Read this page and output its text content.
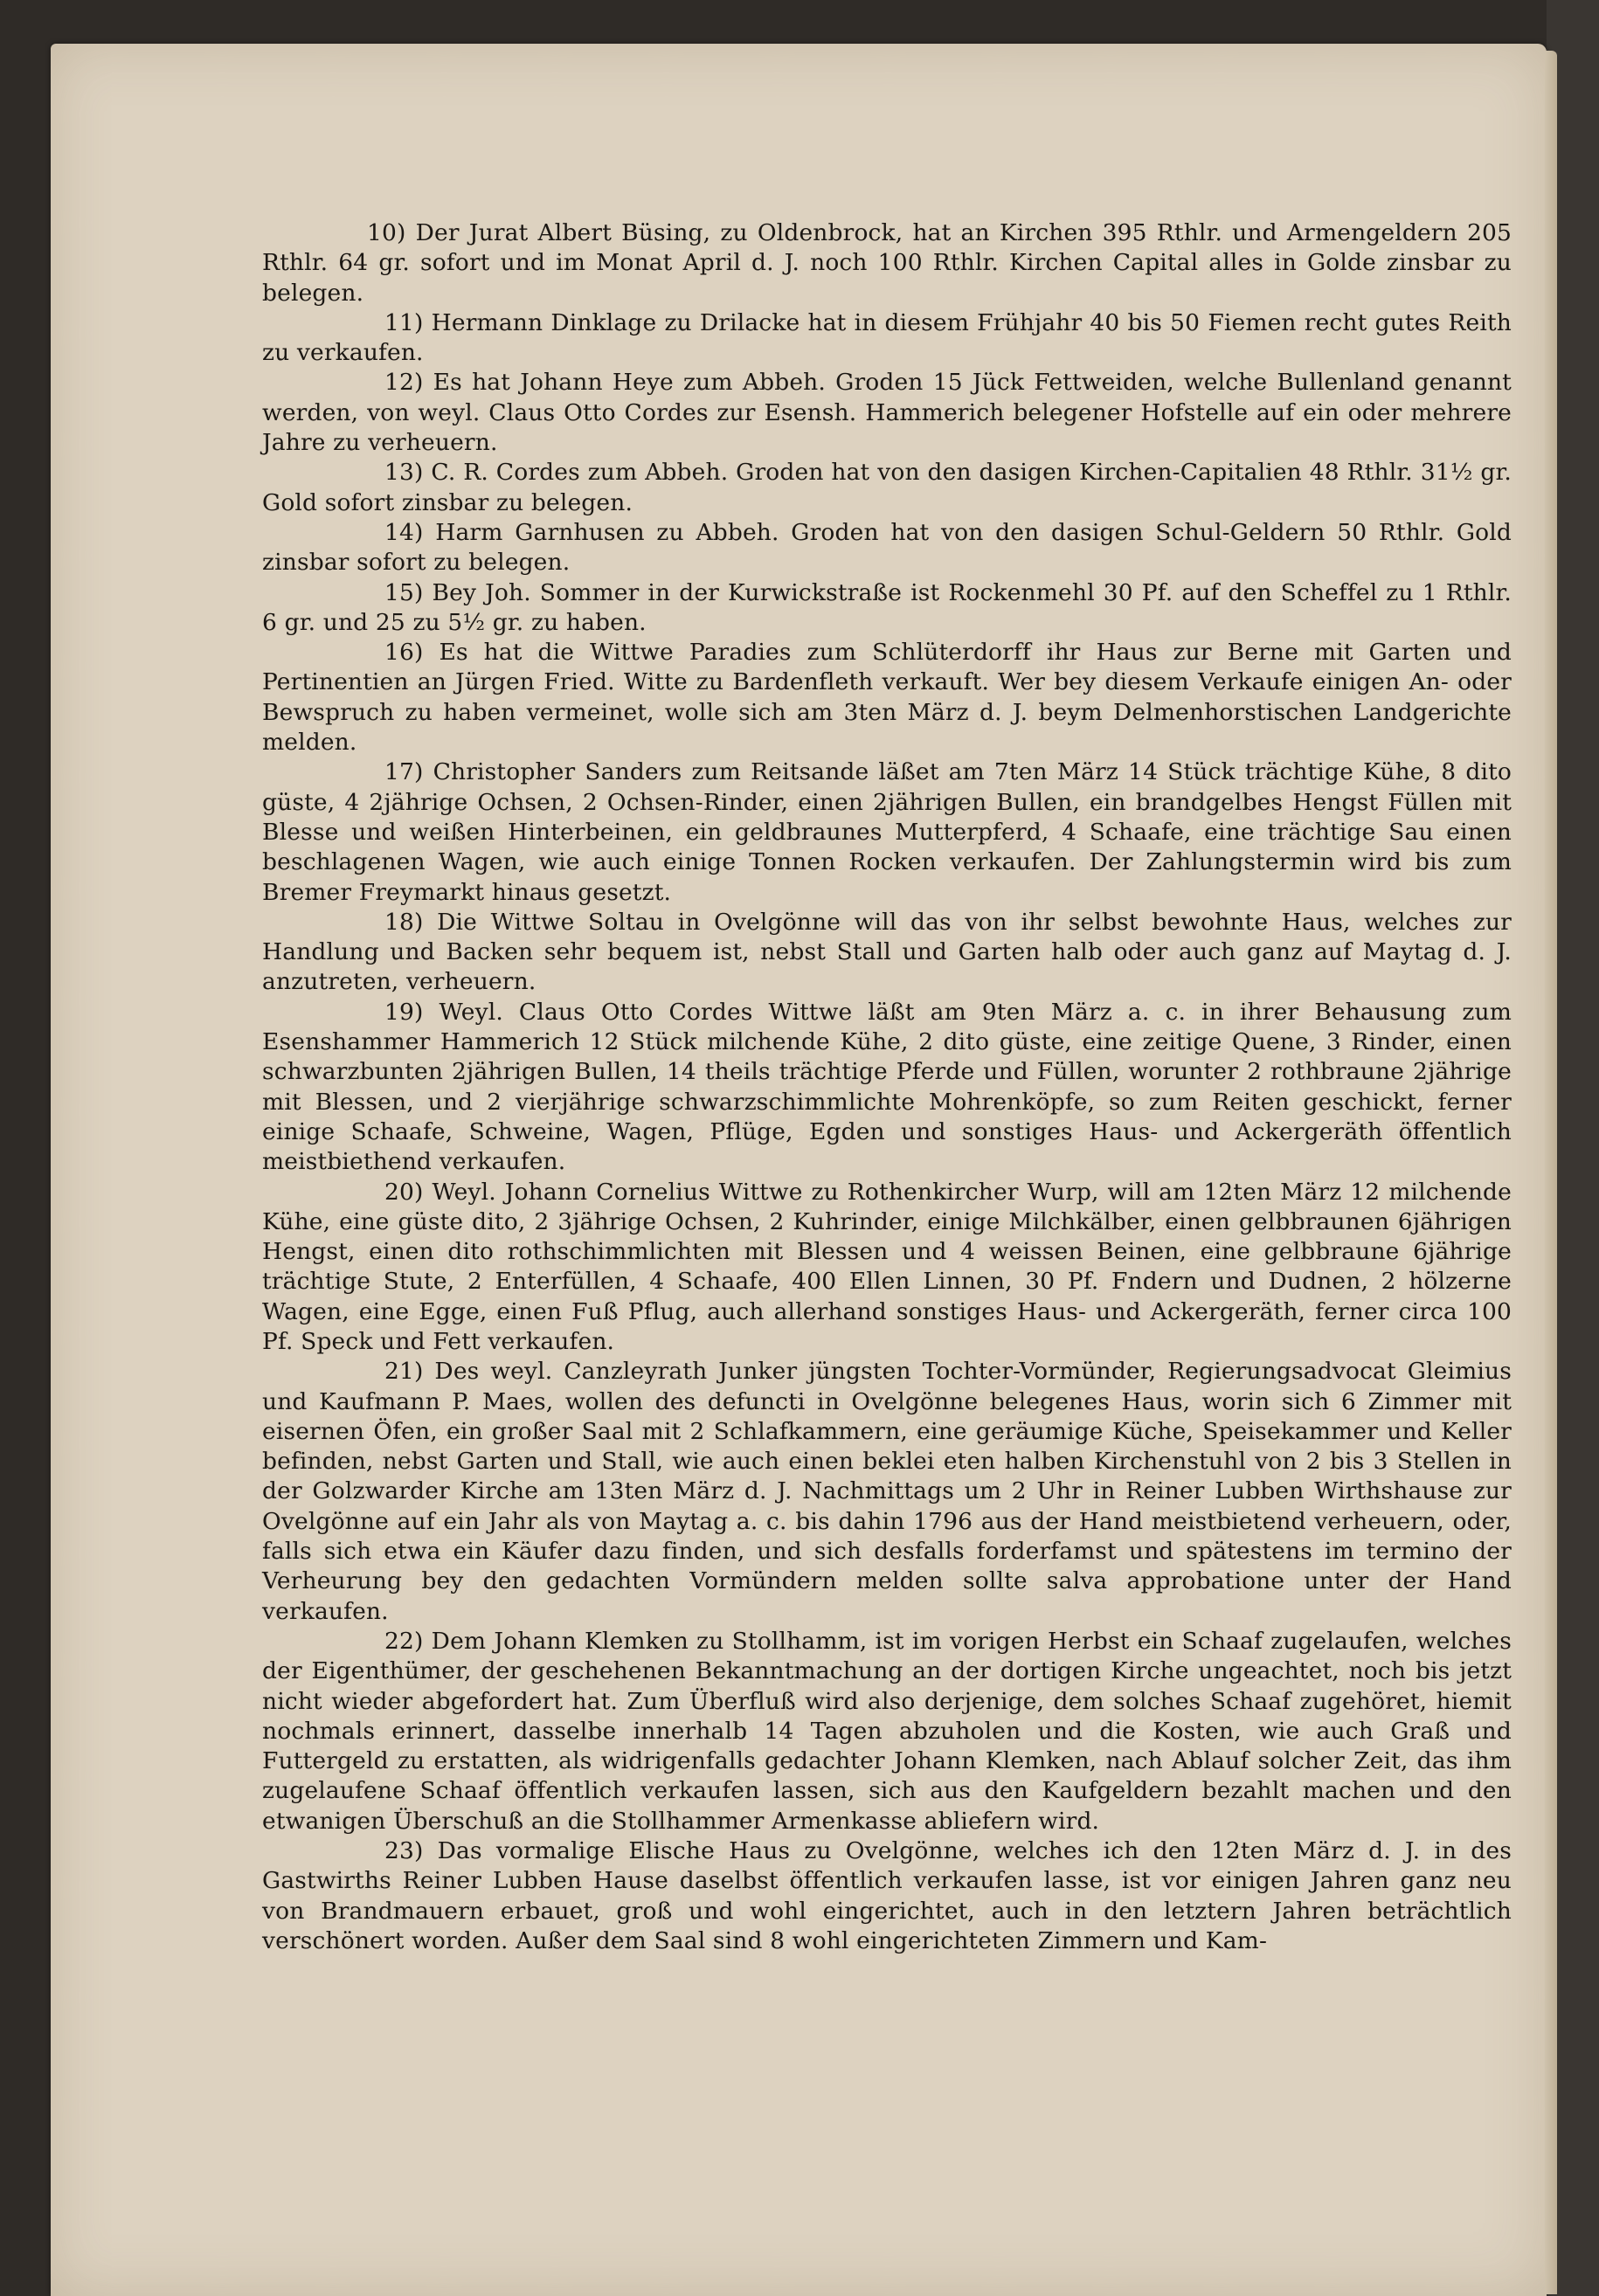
10) Der Jurat Albert Büsing, zu Oldenbrock, hat an Kirchen 395 Rthlr. und Armengeldern 205 Rthlr. 64 gr. sofort und im Monat April d. J. noch 100 Rthlr. Kirchen Capital alles in Golde zinsbar zu belegen.

11) Hermann Dinklage zu Drilacke hat in diesem Frühjahr 40 bis 50 Fiemen recht gutes Reith zu verkaufen.

12) Es hat Johann Heye zum Abbeh. Groden 15 Jück Fettweiden, welche Bullenland genannt werden, von weyl. Claus Otto Cordes zur Esensh. Hammerich belegener Hofstelle auf ein oder mehrere Jahre zu verheuern.

13) C. R. Cordes zum Abbeh. Groden hat von den dasigen Kirchen-Capitalien 48 Rthlr. 31½ gr. Gold sofort zinsbar zu belegen.

14) Harm Garnhusen zu Abbeh. Groden hat von den dasigen Schul-Geldern 50 Rthlr. Gold zinsbar sofort zu belegen.

15) Bey Joh. Sommer in der Kurwickstraße ist Rockenmehl 30 Pf. auf den Scheffel zu 1 Rthlr. 6 gr. und 25 zu 5½ gr. zu haben.

16) Es hat die Wittwe Paradies zum Schlüterdorff ihr Haus zur Berne mit Garten und Pertinentien an Jürgen Fried. Witte zu Bardenfleth verkauft. Wer bey diesem Verkaufe einigen An- oder Bewspruch zu haben vermeinet, wolle sich am 3ten März d. J. beym Delmenhorstischen Landgerichte melden.

17) Christopher Sanders zum Reitsande läßet am 7ten März 14 Stück trächtige Kühe, 8 dito güste, 4 2jährige Ochsen, 2 Ochsen-Rinder, einen 2jährigen Bullen, ein brandgelbes Hengst Füllen mit Blesse und weißen Hinterbeinen, ein geldbraunes Mutterpferd, 4 Schaafe, eine trächtige Sau einen beschlagenen Wagen, wie auch einige Tonnen Rocken verkaufen. Der Zahlungstermin wird bis zum Bremer Freymarkt hinaus gesetzt.

18) Die Wittwe Soltau in Ovelgönne will das von ihr selbst bewohnte Haus, welches zur Handlung und Backen sehr bequem ist, nebst Stall und Garten halb oder auch ganz auf Maytag d. J. anzutreten, verheuern.

19) Weyl. Claus Otto Cordes Wittwe läßt am 9ten März a. c. in ihrer Behausung zum Esenshammer Hammerich 12 Stück milchende Kühe, 2 dito güste, eine zeitige Quene, 3 Rinder, einen schwarzbunten 2jährigen Bullen, 14 theils trächtige Pferde und Füllen, worunter 2 rothbraune 2jährige mit Blessen, und 2 vierjährige schwarzschimmlichte Mohrenköpfe, so zum Reiten geschickt, ferner einige Schaafe, Schweine, Wagen, Pflüge, Egden und sonstiges Haus- und Ackergeräth öffentlich meistbiethend verkaufen.

20) Weyl. Johann Cornelius Wittwe zu Rothenkircher Wurp, will am 12ten März 12 milchende Kühe, eine güste dito, 2 3jährige Ochsen, 2 Kuhrinder, einige Milchkälber, einen gelbbraunen 6jährigen Hengst, einen dito rothschimmlichten mit Blessen und 4 weissen Beinen, eine gelbbraune 6jährige trächtige Stute, 2 Enterfüllen, 4 Schaafe, 400 Ellen Linnen, 30 Pf. Fndern und Dudnen, 2 hölzerne Wagen, eine Egge, einen Fuß Pflug, auch allerhand sonstiges Haus- und Ackergeräth, ferner circa 100 Pf. Speck und Fett verkaufen.

21) Des weyl. Canzleyrath Junker jüngsten Tochter-Vormünder, Regierungsadvocat Gleimius und Kaufmann P. Maes, wollen des defuncti in Ovelgönne belegenes Haus, worin sich 6 Zimmer mit eisernen Öfen, ein großer Saal mit 2 Schlafkammern, eine geräumige Küche, Speisekammer und Keller befinden, nebst Garten und Stall, wie auch einen beklei eten halben Kirchenstuhl von 2 bis 3 Stellen in der Golzwarder Kirche am 13ten März d. J. Nachmittags um 2 Uhr in Reiner Lubben Wirthshause zur Ovelgönne auf ein Jahr als von Maytag a. c. bis dahin 1796 aus der Hand meistbietend verheuern, oder, falls sich etwa ein Käufer dazu finden, und sich desfalls forderfamst und spätestens im termino der Verheurung bey den gedachten Vormündern melden sollte salva approbatione unter der Hand verkaufen.

22) Dem Johann Klemken zu Stollhamm, ist im vorigen Herbst ein Schaaf zugelaufen, welches der Eigenthümer, der geschehenen Bekanntmachung an der dortigen Kirche ungeachtet, noch bis jetzt nicht wieder abgefordert hat. Zum Überfluß wird also derjenige, dem solches Schaaf zugehöret, hiemit nochmals erinnert, dasselbe innerhalb 14 Tagen abzuholen und die Kosten, wie auch Graß und Futtergeld zu erstatten, als widrigenfalls gedachter Johann Klemken, nach Ablauf solcher Zeit, das ihm zugelaufene Schaaf öffentlich verkaufen lassen, sich aus den Kaufgeldern bezahlt machen und den etwanigen Überschuß an die Stollhammer Armenkasse abliefern wird.

23) Das vormalige Elische Haus zu Ovelgönne, welches ich den 12ten März d. J. in des Gastwirths Reiner Lubben Hause daselbst öffentlich verkaufen lasse, ist vor einigen Jahren ganz neu von Brandmauern erbauet, groß und wohl eingerichtet, auch in den letztern Jahren beträchtlich verschönert worden. Außer dem Saal sind 8 wohl eingerichteten Zimmern und Kam-
